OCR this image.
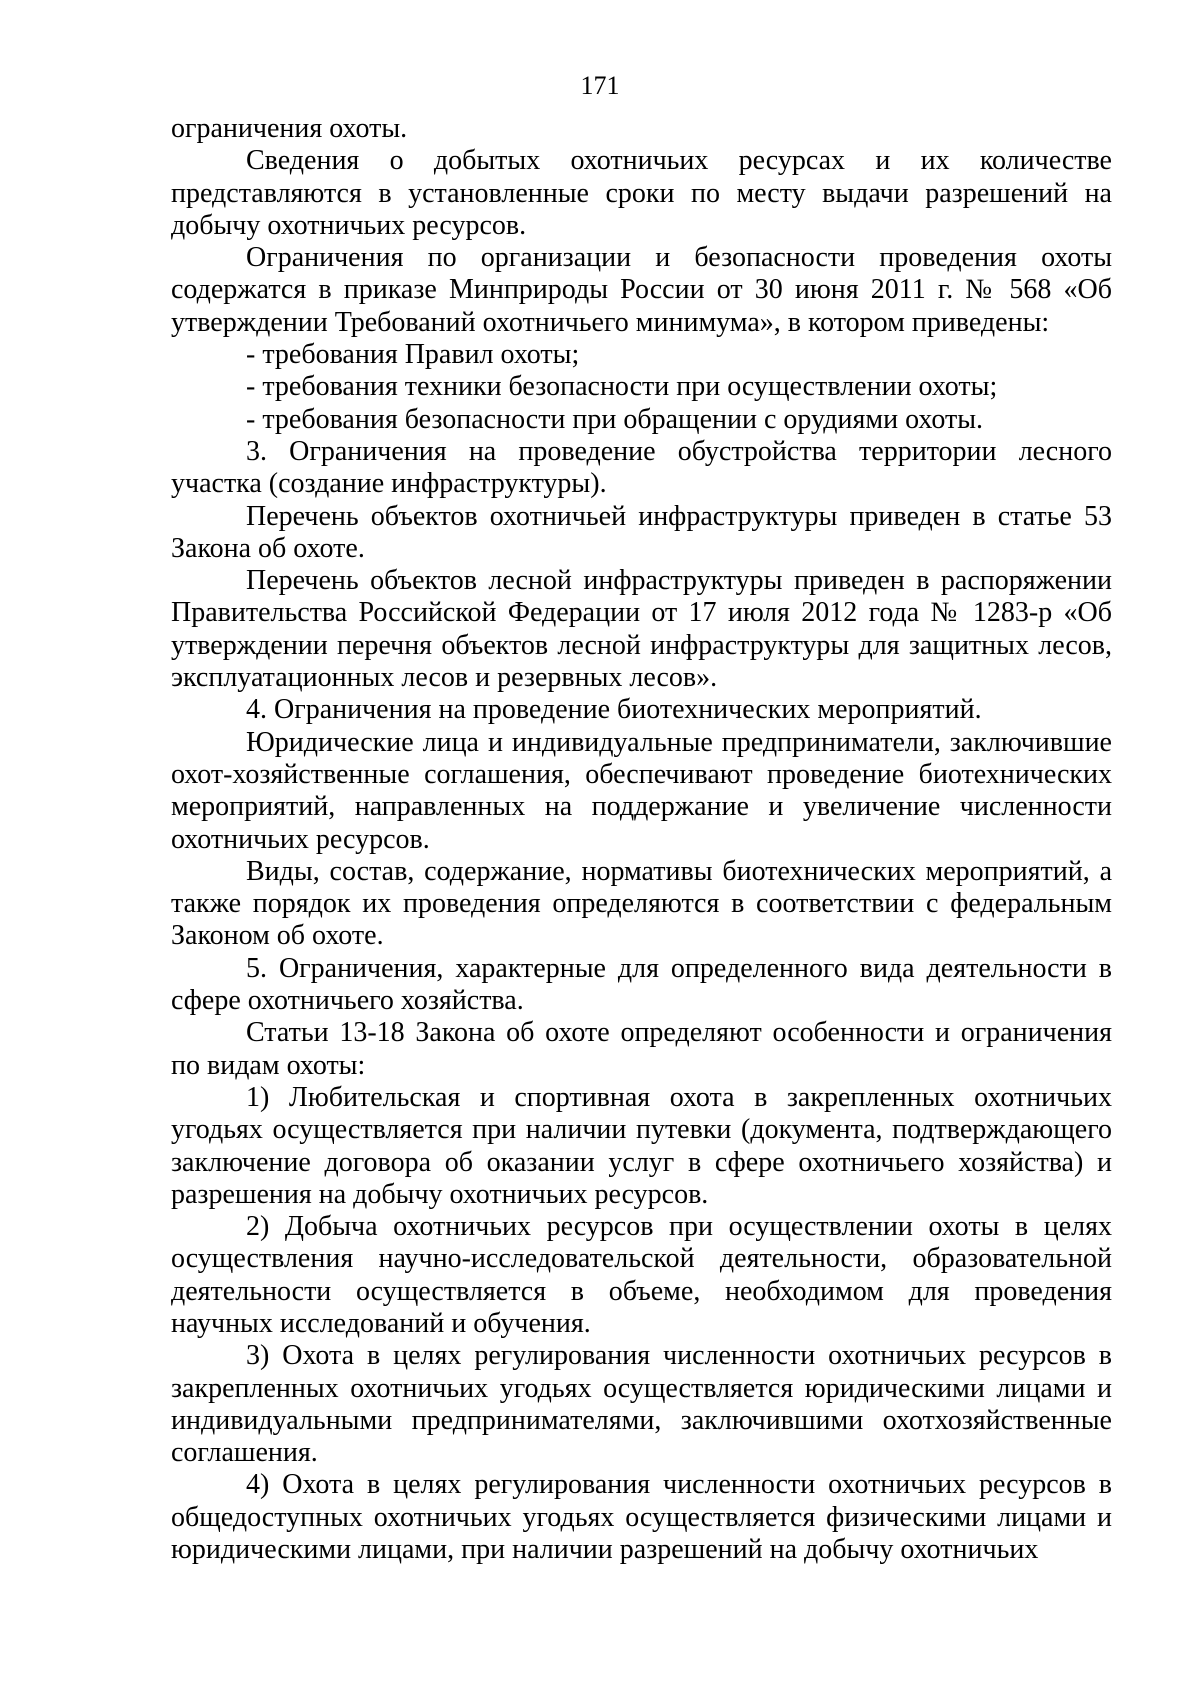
171

ограничения охоты.

Сведения о добытых охотничьих ресурсах и их количестве представляются в установленные сроки по месту выдачи разрешений на добычу охотничьих ресурсов.

Ограничения по организации и безопасности проведения охоты содержатся в приказе Минприроды России от 30 июня 2011 г. № 568 «Об утверждении Требований охотничьего минимума», в котором приведены:

- требования Правил охоты;

- требования техники безопасности при осуществлении охоты;

- требования безопасности при обращении с орудиями охоты.

3. Ограничения на проведение обустройства территории лесного участка (создание инфраструктуры).

Перечень объектов охотничьей инфраструктуры приведен в статье 53 Закона об охоте.

Перечень объектов лесной инфраструктуры приведен в распоряжении Правительства Российской Федерации от 17 июля 2012 года № 1283-р «Об утверждении перечня объектов лесной инфраструктуры для защитных лесов, эксплуатационных лесов и резервных лесов».

4. Ограничения на проведение биотехнических мероприятий.

Юридические лица и индивидуальные предприниматели, заключившие охот-хозяйственные соглашения, обеспечивают проведение биотехнических мероприятий, направленных на поддержание и увеличение численности охотничьих ресурсов.

Виды, состав, содержание, нормативы биотехнических мероприятий, а также порядок их проведения определяются в соответствии с федеральным Законом об охоте.

5. Ограничения, характерные для определенного вида деятельности в сфере охотничьего хозяйства.

Статьи 13-18 Закона об охоте определяют особенности и ограничения по видам охоты:

1) Любительская и спортивная охота в закрепленных охотничьих угодьях осуществляется при наличии путевки (документа, подтверждающего заключение договора об оказании услуг в сфере охотничьего хозяйства) и разрешения на добычу охотничьих ресурсов.

2) Добыча охотничьих ресурсов при осуществлении охоты в целях осуществления научно-исследовательской деятельности, образовательной деятельности осуществляется в объеме, необходимом для проведения научных исследований и обучения.

3) Охота в целях регулирования численности охотничьих ресурсов в закрепленных охотничьих угодьях осуществляется юридическими лицами и индивидуальными предпринимателями, заключившими охотхозяйственные соглашения.

4) Охота в целях регулирования численности охотничьих ресурсов в общедоступных охотничьих угодьях осуществляется физическими лицами и юридическими лицами, при наличии разрешений на добычу охотничьих
